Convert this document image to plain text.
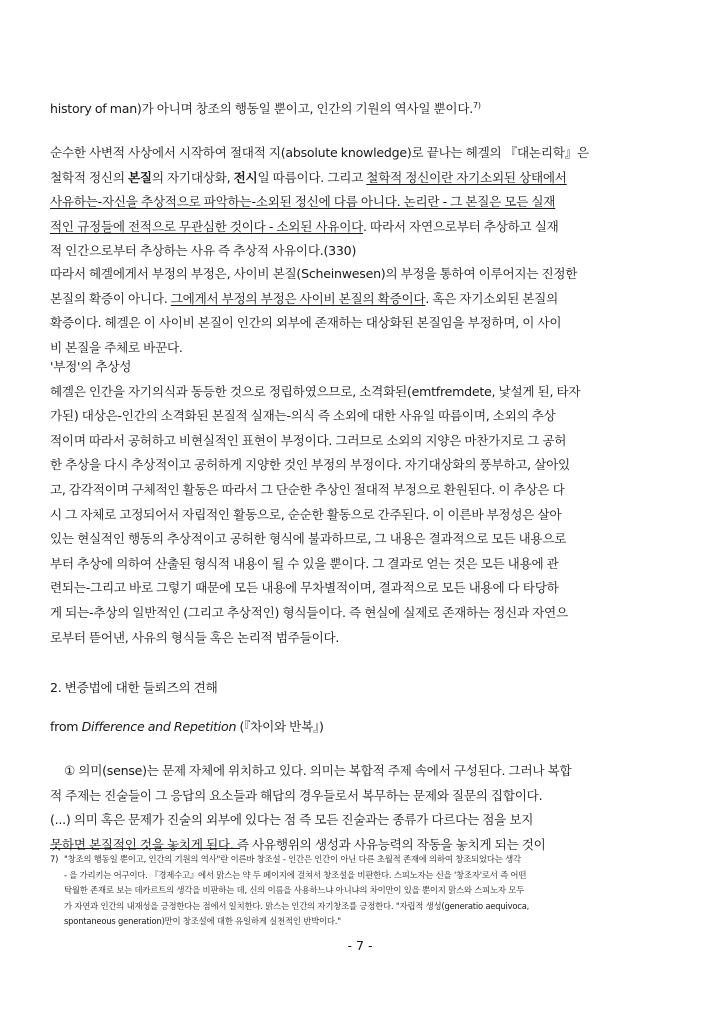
history of man)가 아니며 창조의 행동일 뿐이고, 인간의 기원의 역사일 뿐이다.$^{7)}$
순수한 사변적 사상에서 시작하여 절대적 지(absolute knowledge)로 끝나는 헤겔의 『대논리학』은
철학적 정신의 본질의 자기대상화, 전시일 따름이다. 그리고 철학적 정신이란 자기소외된 상태에서
사유하는-자신을 추상적으로 파악하는-소외된 정신에 다름 아니다. 논리란 - 그 본질은 모든 실재
적인 규정들에 전적으로 무관심한 것이다 - 소외된 사유이다. 따라서 자연으로부터 추상하고 실재
적 인간으로부터 추상하는 사유 즉 추상적 사유이다.(330)
따라서 헤겔에게서 부정의 부정은, 사이비 본질(Scheinwesen)의 부정을 통하여 이루어지는 진정한
본질의 확증이 아니다. 그에게서 부정의 부정은 사이비 본질의 확증이다. 혹은 자기소외된 본질의
확증이다. 헤겔은 이 사이비 본질이 인간의 외부에 존재하는 대상화된 본질임을 부정하며, 이 사이
비 본질을 주체로 바꾼다.
'부정'의 추상성
헤겔은 인간을 자기의식과 동등한 것으로 정립하였으므로, 소격화된(emtfremdete, 낯설게 된, 타자
가된) 대상은-인간의 소격화된 본질적 실재는-의식 즉 소외에 대한 사유일 따름이며, 소외의 추상
적이며 따라서 공허하고 비현실적인 표현이 부정이다. 그러므로 소외의 지양은 마찬가지로 그 공허
한 추상을 다시 추상적이고 공허하게 지양한 것인 부정의 부정이다. 자기대상화의 풍부하고, 살아있
고, 감각적이며 구체적인 활동은 따라서 그 단순한 추상인 절대적 부정으로 환원된다. 이 추상은 다
시 그 자체로 고정되어서 자립적인 활동으로, 순순한 활동으로 간주된다. 이 이른바 부정성은 살아
있는 현실적인 행동의 추상적이고 공허한 형식에 불과하므로, 그 내용은 결과적으로 모든 내용으로
부터 추상에 의하여 산출된 형식적 내용이 될 수 있을 뿐이다. 그 결과로 얻는 것은 모든 내용에 관
련되는-그리고 바로 그렇기 때문에 모든 내용에 무차별적이며, 결과적으로 모든 내용에 다 타당하
게 되는-추상의 일반적인 (그리고 추상적인) 형식들이다. 즉 현실에 실제로 존재하는 정신과 자연으
로부터 뜯어낸, 사유의 형식들 혹은 논리적 범주들이다.
2. 변증법에 대한 들뢰즈의 견해
from Difference and Repetition (『차이와 반복』)
① 의미(sense)는 문제 자체에 위치하고 있다. 의미는 복합적 주제 속에서 구성된다. 그러나 복합
적 주제는 진술들이 그 응답의 요소들과 해답의 경우들로서 복무하는 문제와 질문의 집합이다.
(...) 의미 혹은 문제가 진술의 외부에 있다는 점 즉 모든 진술과는 종류가 다르다는 점을 보지
못하면 본질적인 것을 놓치게 된다. 즉 사유행위의 생성과 사유능력의 작동을 놓치게 되는 것이
7) "창조의 행동일 뿐이고, 인간의 기원의 역사"란 이른바 창조설 - 인간은 인간이 아닌 다른 초월적 존재에 의하여 창조되었다는 생각
- 을 가리키는 어구이다. 『경제수고』에서 맑스는 약 두 페이지에 걸쳐서 창조설을 비판한다. 스피노자는 신을 '창조자'로서 즉 어떤
탁월한 존재로 보는 데카르트의 생각을 비판하는 데, 신의 이름을 사용하느냐 아니냐의 차이만이 있을 뿐이지 맑스와 스피노자 모두
가 자연과 인간의 내재성을 긍정한다는 점에서 일치한다. 맑스는 인간의 자기창조를 긍정한다. "자립적 생성(generatio aequivoca,
spontaneous generation)만이 창조설에 대한 유일하게 실천적인 반박이다."
- 7 -
